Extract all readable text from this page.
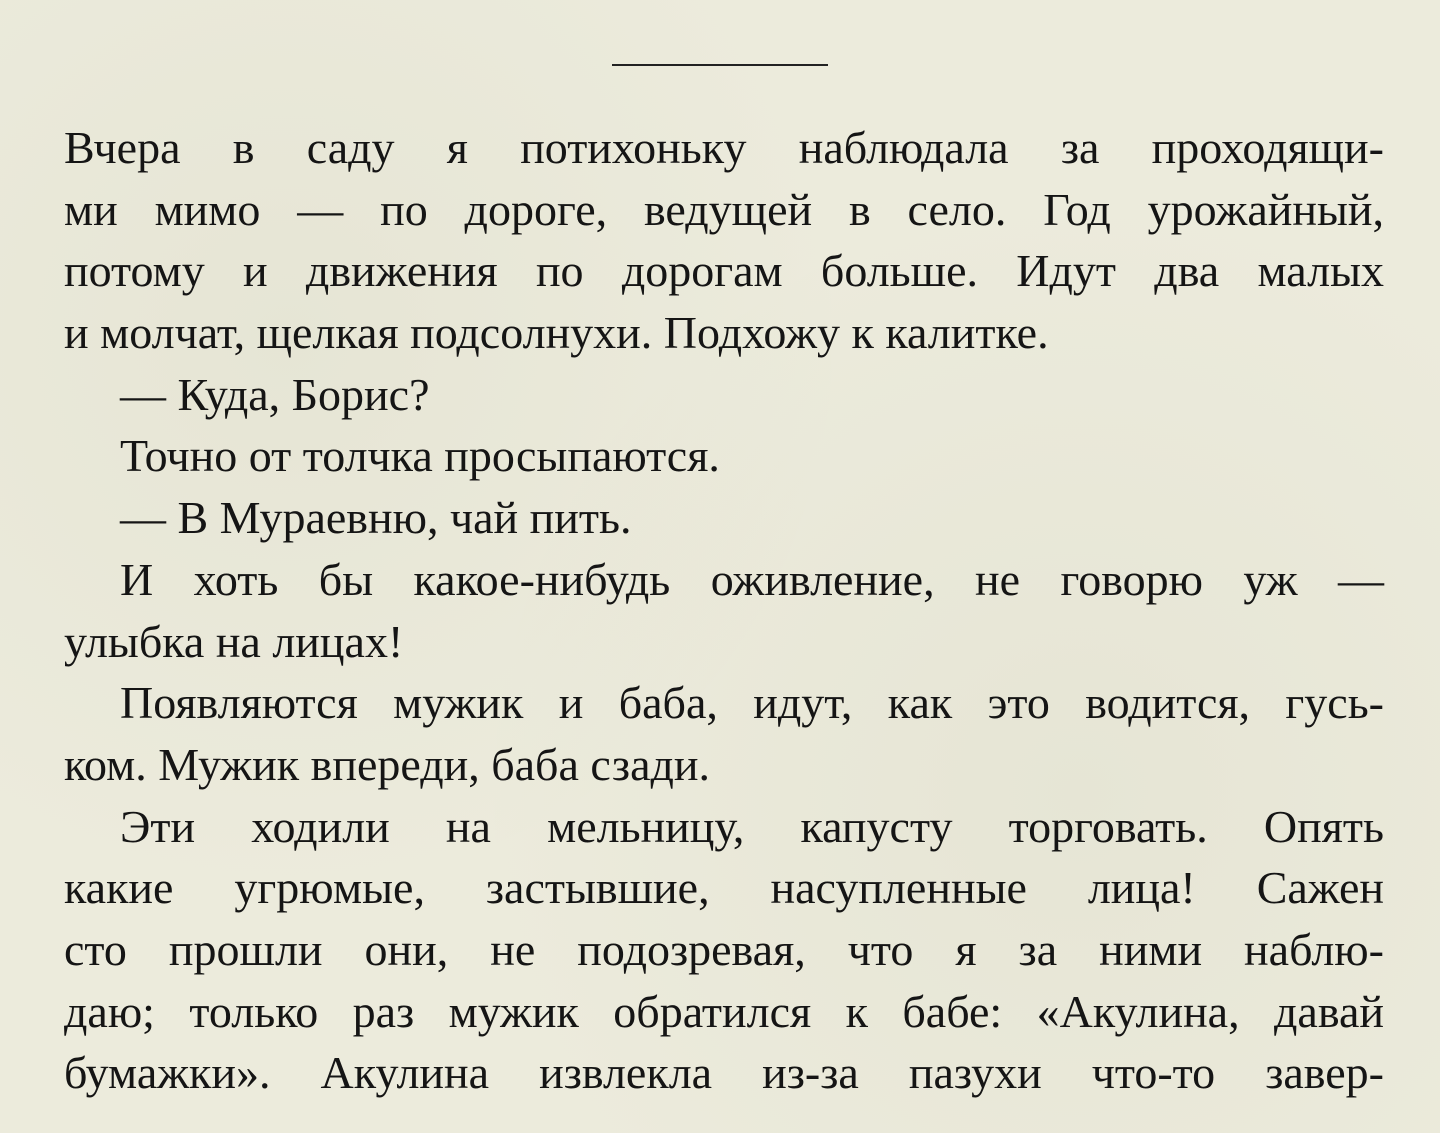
Вчера в саду я потихоньку наблюдала за проходящи-
ми мимо — по дороге, ведущей в село. Год урожайный,
потому и движения по дорогам больше. Идут два малых
и молчат, щелкая подсолнухи. Подхожу к калитке.
— Куда, Борис?
Точно от толчка просыпаются.
— В Мураевню, чай пить.
И хоть бы какое-нибудь оживление, не говорю уж —
улыбка на лицах!
Появляются мужик и баба, идут, как это водится, гусь-
ком. Мужик впереди, баба сзади.
Эти ходили на мельницу, капусту торговать. Опять
какие угрюмые, застывшие, насупленные лица! Сажен
сто прошли они, не подозревая, что я за ними наблю-
даю; только раз мужик обратился к бабе: «Акулина, давай
бумажки». Акулина извлекла из-за пазухи что-то завер-
